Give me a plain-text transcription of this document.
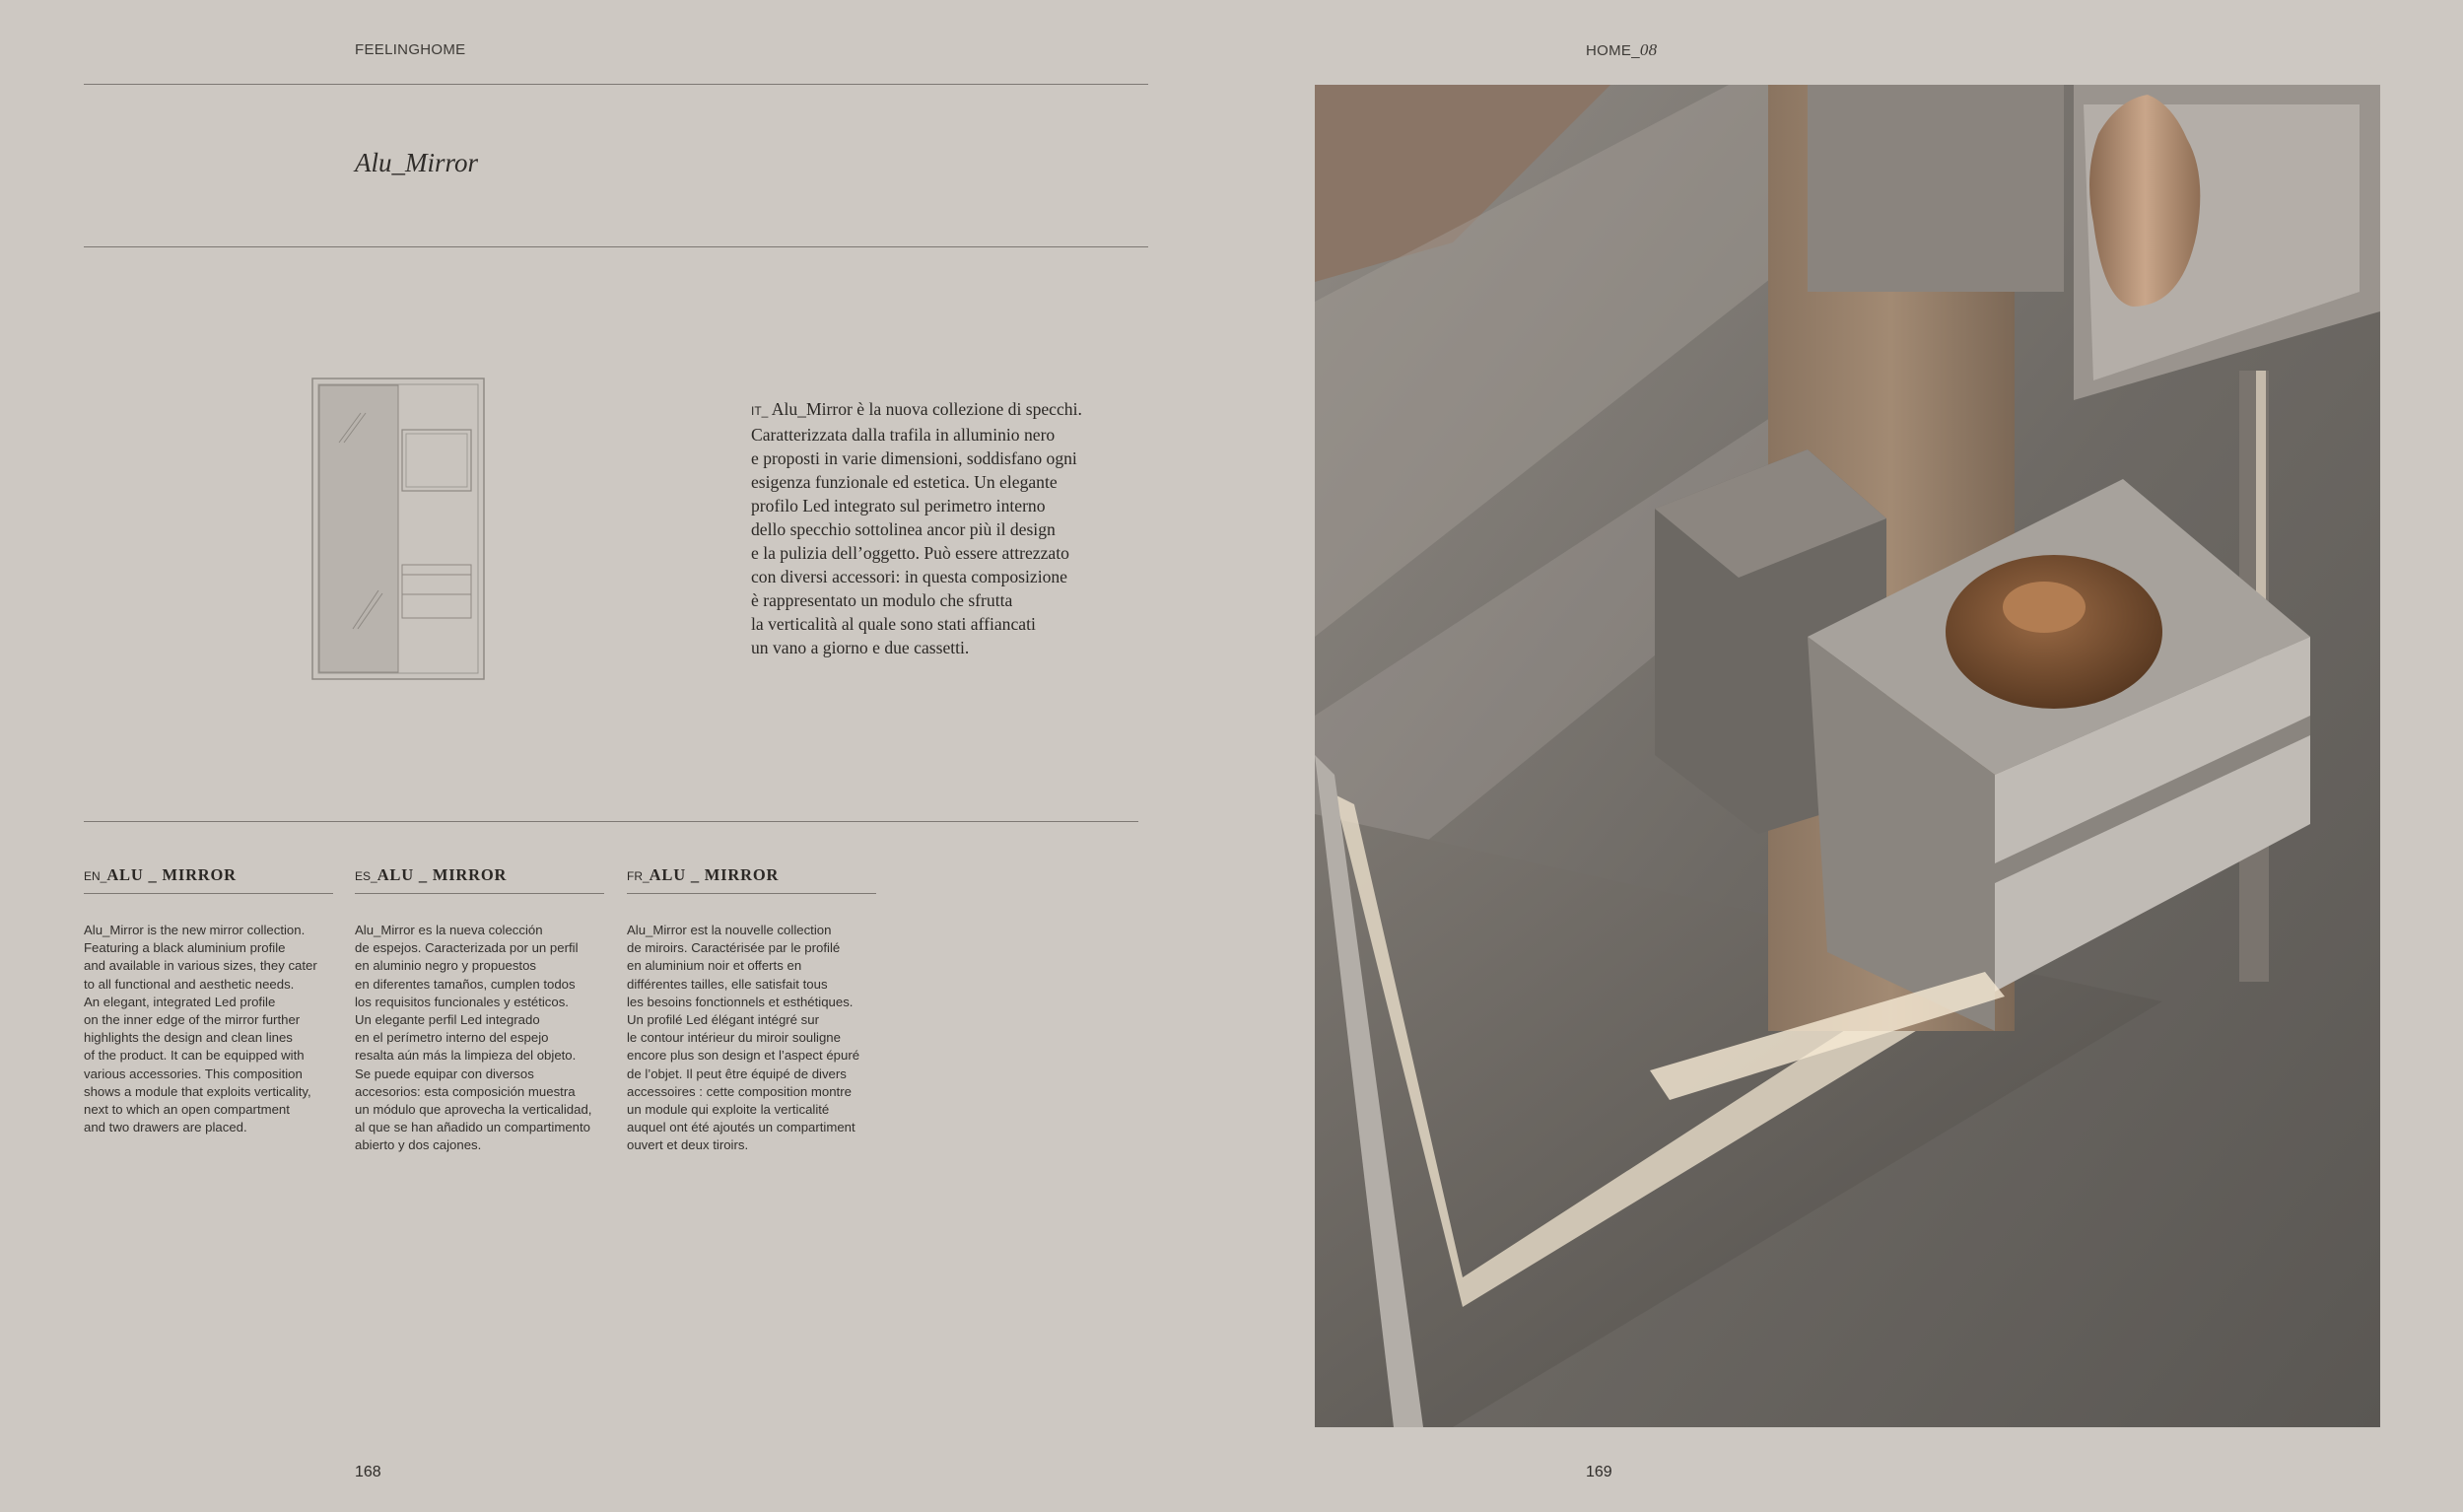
FEELINGHOME	HOME_08
Alu_Mirror
IT_ Alu_Mirror è la nuova collezione di specchi.
Caratterizzata dalla trafila in alluminio nero
e proposti in varie dimensioni, soddisfano ogni
esigenza funzionale ed estetica. Un elegante
profilo Led integrato sul perimetro interno
dello specchio sottolinea ancor più il design
e la pulizia dell’oggetto. Può essere attrezzato
con diversi accessori: in questa composizione
è rappresentato un modulo che sfrutta
la verticalità al quale sono stati affiancati
un vano a giorno e due cassetti.
EN_ALU _ MIRROR
Alu_Mirror is the new mirror collection.
Featuring a black aluminium profile
and available in various sizes, they cater
to all functional and aesthetic needs.
An elegant, integrated Led profile
on the inner edge of the mirror further
highlights the design and clean lines
of the product. It can be equipped with
various accessories. This composition
shows a module that exploits verticality,
next to which an open compartment
and two drawers are placed.
ES_ALU _ MIRROR
Alu_Mirror es la nueva colección
de espejos. Caracterizada por un perfil
en aluminio negro y propuestos
en diferentes tamaños, cumplen todos
los requisitos funcionales y estéticos.
Un elegante perfil Led integrado
en el perímetro interno del espejo
resalta aún más la limpieza del objeto.
Se puede equipar con diversos
accesorios: esta composición muestra
un módulo que aprovecha la verticalidad,
al que se han añadido un compartimento
abierto y dos cajones.
FR_ALU _ MIRROR
Alu_Mirror est la nouvelle collection
de miroirs. Caractérisée par le profilé
en aluminium noir et offerts en
différentes tailles, elle satisfait tous
les besoins fonctionnels et esthétiques.
Un profilé Led élégant intégré sur
le contour intérieur du miroir souligne
encore plus son design et l’aspect épuré
de l’objet. Il peut être équipé de divers
accessoires : cette composition montre
un module qui exploite la verticalité
auquel ont été ajoutés un compartiment
ouvert et deux tiroirs.
168	169
